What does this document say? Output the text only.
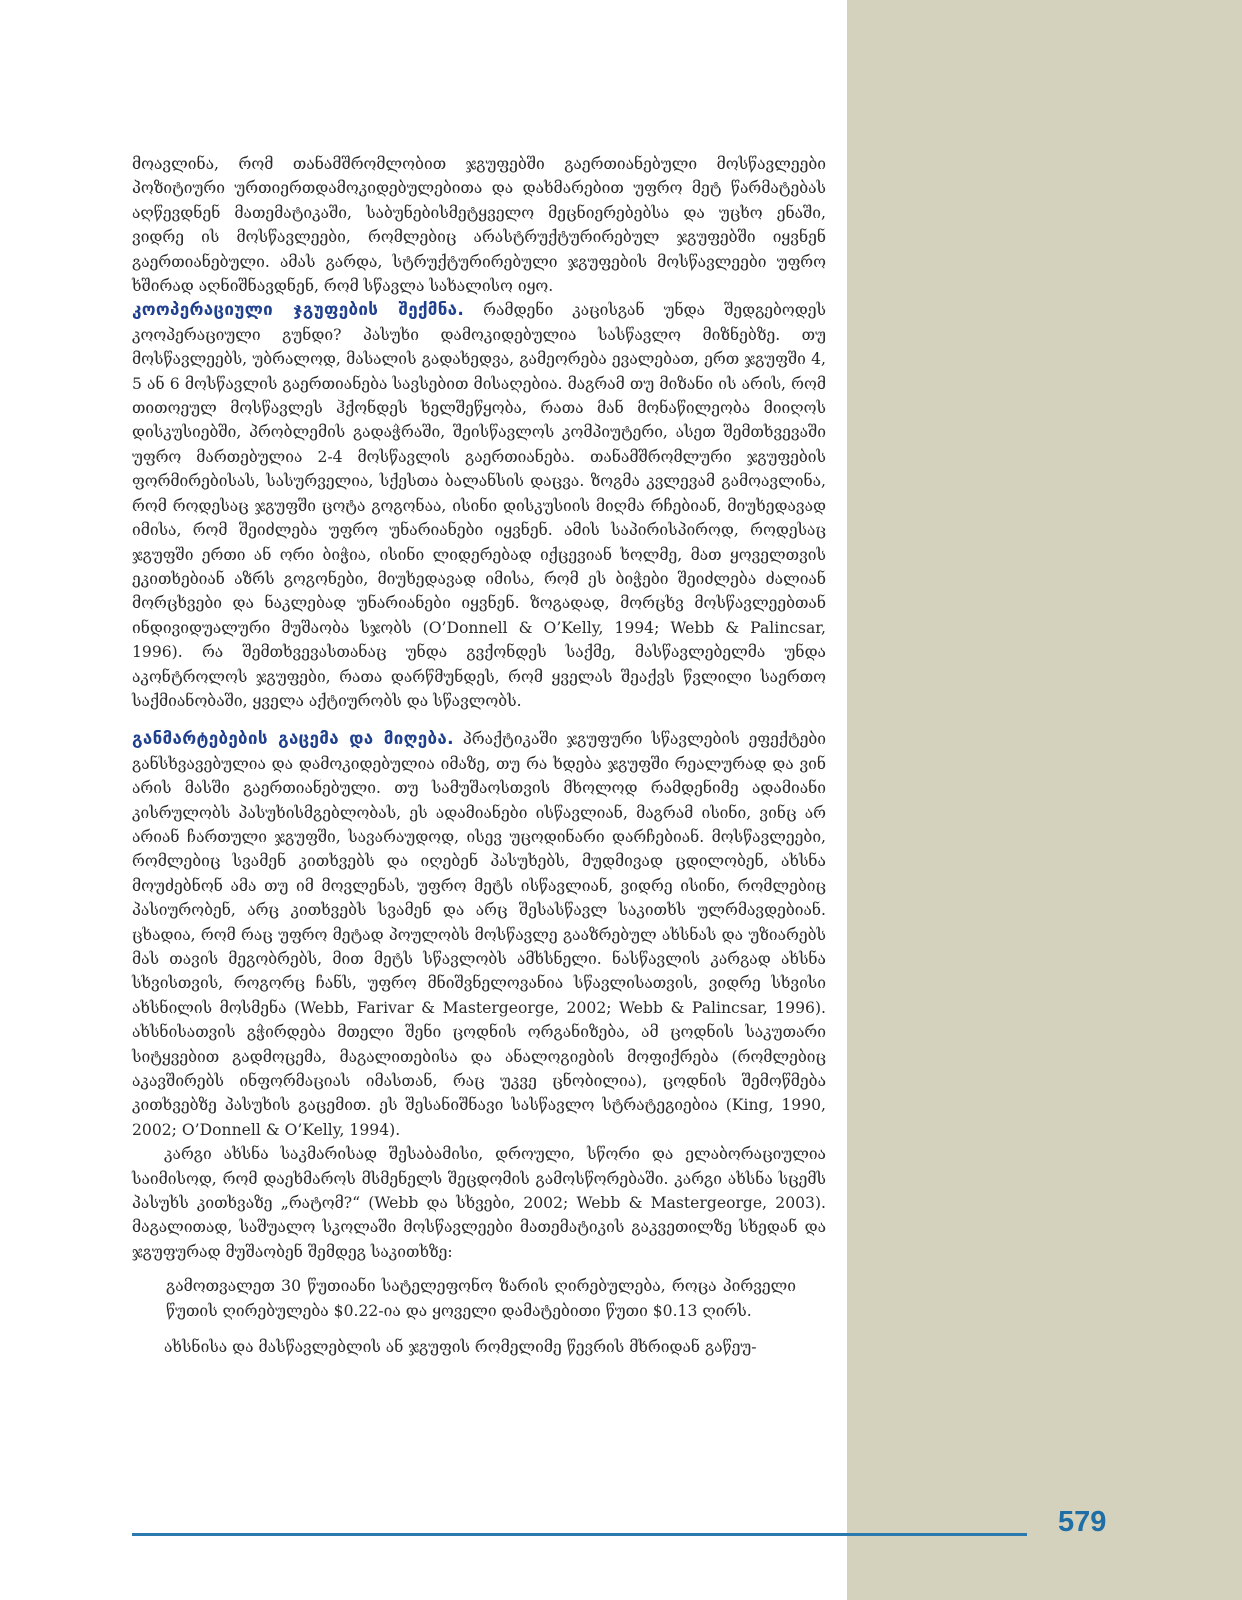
მოავლინა, რომ თანამშრომლობით ჯგუფებში გაერთიანებული მოსწავლეები პოზიტიური ურთიერთდამოკიდებულებითა და დახმარებით უფრო მეტ წარმატებას აღწევდნენ მათემატიკაში, საბუნებისმეტყველო მეცნიერებებსა და უცხო ენაში, ვიდრე ის მოსწავლეები, რომლებიც არასტრუქტურირებულ ჯგუფებში იყვნენ გაერთიანებული. ამას გარდა, სტრუქტურირებული ჯგუფების მოსწავლეები უფრო ხშირად აღნიშნავდნენ, რომ სწავლა სახალისო იყო.

კოოპერაციული ჯგუფების შექმნა. რამდენი კაცისგან უნდა შედგებოდეს კოოპერაციული გუნდი? პასუხი დამოკიდებულია სასწავლო მიზნებზე. თუ მოსწავლეებს, უბრალოდ, მასალის გადახედვა, გამეორება ევალებათ, ერთ ჯგუფში 4, 5 ან 6 მოსწავლის გაერთიანება სავსებით მისაღებია. მაგრამ თუ მიზანი ის არის, რომ თითოეულ მოსწავლეს ჰქონდეს ხელშეწყობა, რათა მან მონაწილეობა მიიღოს დისკუსიებში, პრობლემის გადაჭრაში, შეისწავლოს კომპიუტერი, ასეთ შემთხვევაში უფრო მართებულია 2-4 მოსწავლის გაერთიანება. თანამშრომლური ჯგუფების ფორმირებისას, სასურველია, სქესთა ბალანსის დაცვა. ზოგმა კვლევამ გამოავლინა, რომ როდესაც ჯგუფში ცოტა გოგონაა, ისინი დისკუსიის მიღმა რჩებიან, მიუხედავად იმისა, რომ შეიძლება უფრო უნარიანები იყვნენ. ამის საპირისპიროდ, როდესაც ჯგუფში ერთი ან ორი ბიჭია, ისინი ლიდერებად იქცევიან ხოლმე, მათ ყოველთვის ეკითხებიან აზრს გოგონები, მიუხედავად იმისა, რომ ეს ბიჭები შეიძლება ძალიან მორცხვები და ნაკლებად უნარიანები იყვნენ. ზოგადად, მორცხვ მოსწავლეებთან ინდივიდუალური მუშაობა სჯობს (O’Donnell & O’Kelly, 1994; Webb & Palincsar, 1996). რა შემთხვევასთანაც უნდა გვქონდეს საქმე, მასწავლებელმა უნდა აკონტროლოს ჯგუფები, რათა დარწმუნდეს, რომ ყველას შეაქვს წვლილი საერთო საქმიანობაში, ყველა აქტიურობს და სწავლობს.

განმარტებების გაცემა და მიღება. პრაქტიკაში ჯგუფური სწავლების ეფექტები განსხვავებულია და დამოკიდებულია იმაზე, თუ რა ხდება ჯგუფში რეალურად და ვინ არის მასში გაერთიანებული. თუ სამუშაოსთვის მხოლოდ რამდენიმე ადამიანი კისრულობს პასუხისმგებლობას, ეს ადამიანები ისწავლიან, მაგრამ ისინი, ვინც არ არიან ჩართული ჯგუფში, სავარაუდოდ, ისევ უცოდინარი დარჩებიან. მოსწავლეები, რომლებიც სვამენ კითხვებს და იღებენ პასუხებს, მუდმივად ცდილობენ, ახსნა მოუძებნონ ამა თუ იმ მოვლენას, უფრო მეტს ისწავლიან, ვიდრე ისინი, რომლებიც პასიურობენ, არც კითხვებს სვამენ და არც შესასწავლ საკითხს ულრმავდებიან. ცხადია, რომ რაც უფრო მეტად პოულობს მოსწავლე გააზრებულ ახსნას და უზიარებს მას თავის მეგობრებს, მით მეტს სწავლობს ამხსნელი. ნასწავლის კარგად ახსნა სხვისთვის, როგორც ჩანს, უფრო მნიშვნელოვანია სწავლისათვის, ვიდრე სხვისი ახსნილის მოსმენა (Webb, Farivar & Mastergeorge, 2002; Webb & Palincsar, 1996). ახსნისათვის გჭირდება მთელი შენი ცოდნის ორგანიზება, ამ ცოდნის საკუთარი სიტყვებით გადმოცემა, მაგალითებისა და ანალოგიების მოფიქრება (რომლებიც აკავშირებს ინფორმაციას იმასთან, რაც უკვე ცნობილია), ცოდნის შემოწმება კითხვებზე პასუხის გაცემით. ეს შესანიშნავი სასწავლო სტრატეგიებია (King, 1990, 2002; O’Donnell & O’Kelly, 1994).

კარგი ახსნა საკმარისად შესაბამისი, დროული, სწორი და ელაბორაციულია საიმისოდ, რომ დაეხმაროს მსმენელს შეცდომის გამოსწორებაში. კარგი ახსნა სცემს პასუხს კითხვაზე „რატომ?“ (Webb და სხვები, 2002; Webb & Mastergeorge, 2003). მაგალითად, საშუალო სკოლაში მოსწავლეები მათემატიკის გაკვეთილზე სხედან და ჯგუფურად მუშაობენ შემდეგ საკითხზე:

გამოთვალეთ 30 წუთიანი სატელეფონო ზარის ღირებულება, როცა პირველი წუთის ღირებულება $0.22-ია და ყოველი დამატებითი წუთი $0.13 ღირს.

ახსნისა და მასწავლებლის ან ჯგუფის რომელიმე წევრის მხრიდან გაწეუ-

579
